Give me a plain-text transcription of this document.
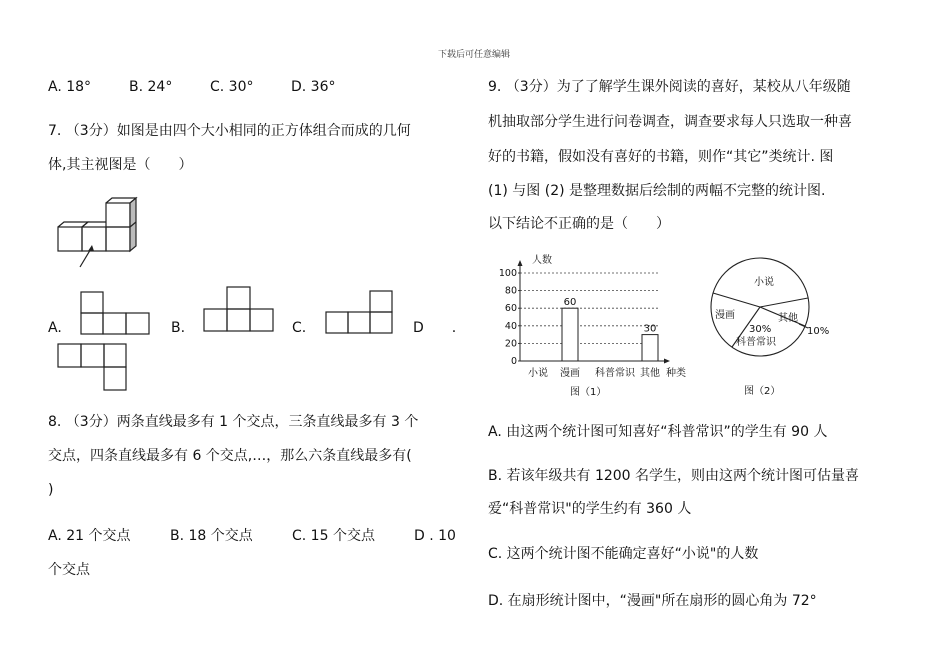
下载后可任意编辑
A. 18°	B. 24°	C. 30°	D. 36°
7. （3分）如图是由四个大小相同的正方体组合而成的几何
体,其主视图是（　　）
A.	B.	C.	D　　.
8. （3分）两条直线最多有 1 个交点，三条直线最多有 3 个
交点，四条直线最多有 6 个交点,…，那么六条直线最多有(
)
A. 21 个交点	B. 18 个交点	C. 15 个交点	D . 10
个交点
9. （3分）为了了解学生课外阅读的喜好，某校从八年级随
机抽取部分学生进行问卷调查，调查要求每人只选取一种喜
好的书籍，假如没有喜好的书籍，则作“其它”类统计. 图
(1) 与图 (2) 是整理数据后绘制的两幅不完整的统计图.
以下结论不正确的是（　　）
0
20
40
60
80
100
小说 漫画
60
科普常识 其他
30
人数
种类
图（1）
小说
漫画
30%
科普常识
其他
10%
图（2）
A. 由这两个统计图可知喜好“科普常识”的学生有 90 人
B. 若该年级共有 1200 名学生，则由这两个统计图可估量喜
爱“科普常识"的学生约有 360 人
C. 这两个统计图不能确定喜好“小说"的人数
D. 在扇形统计图中，“漫画"所在扇形的圆心角为 72°
